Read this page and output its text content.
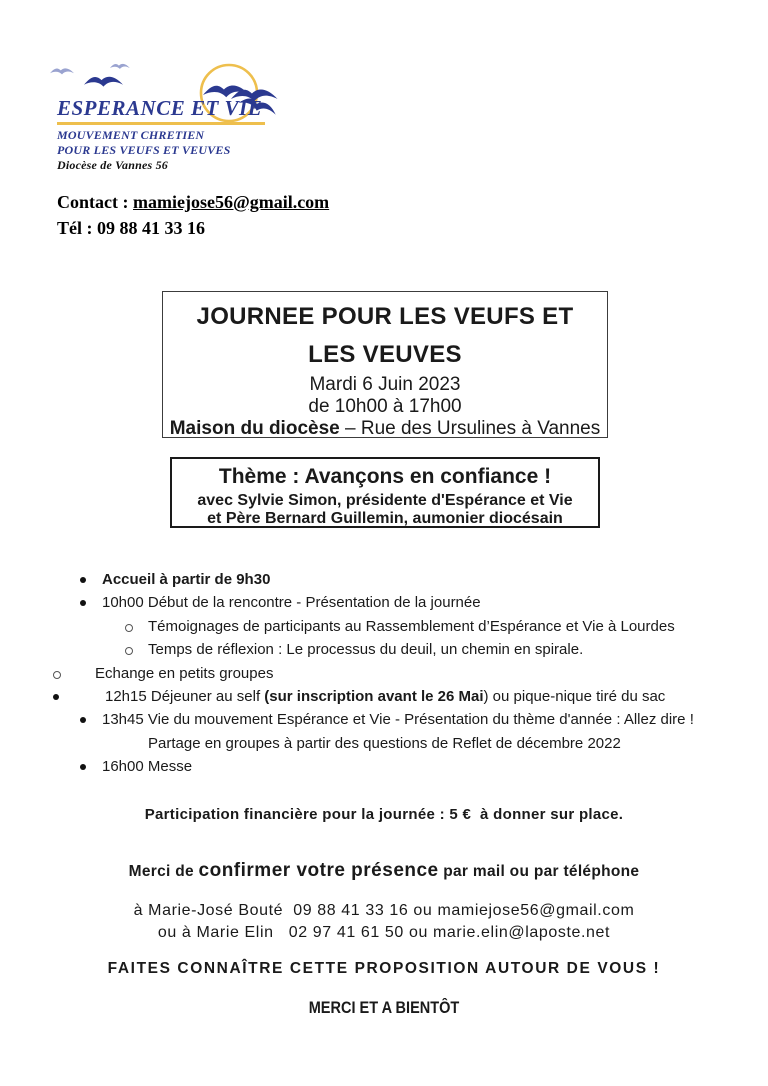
ESPERANCE ET VIE
MOUVEMENT CHRETIEN
POUR LES VEUFS ET VEUVES
Diocèse de Vannes 56
Contact : mamiejose56@gmail.com
Tél : 09 88 41 33 16
JOURNEE POUR LES VEUFS ET
LES VEUVES
Mardi 6 Juin 2023
de 10h00 à 17h00
Maison du diocèse – Rue des Ursulines à Vannes
Thème : Avançons en confiance !
avec Sylvie Simon, présidente d'Espérance et Vie
et Père Bernard Guillemin, aumonier diocésain
Accueil à partir de 9h30
10h00 Début de la rencontre - Présentation de la journée
Témoignages de participants au Rassemblement d’Espérance et Vie à Lourdes
Temps de réflexion : Le processus du deuil, un chemin en spirale.
Echange en petits groupes
12h15 Déjeuner au self (sur inscription avant le 26 Mai) ou pique-nique tiré du sac
13h45 Vie du mouvement Espérance et Vie - Présentation du thème d'année : Allez dire !
Partage en groupes à partir des questions de Reflet de décembre 2022
16h00 Messe
Participation financière pour la journée : 5 €  à donner sur place.
Merci de confirmer votre présence par mail ou par téléphone
à Marie-José Bouté  09 88 41 33 16 ou mamiejose56@gmail.com
ou à Marie Elin   02 97 41 61 50 ou marie.elin@laposte.net
FAITES CONNAÎTRE CETTE PROPOSITION AUTOUR DE VOUS !
MERCI ET A BIENTÔT
